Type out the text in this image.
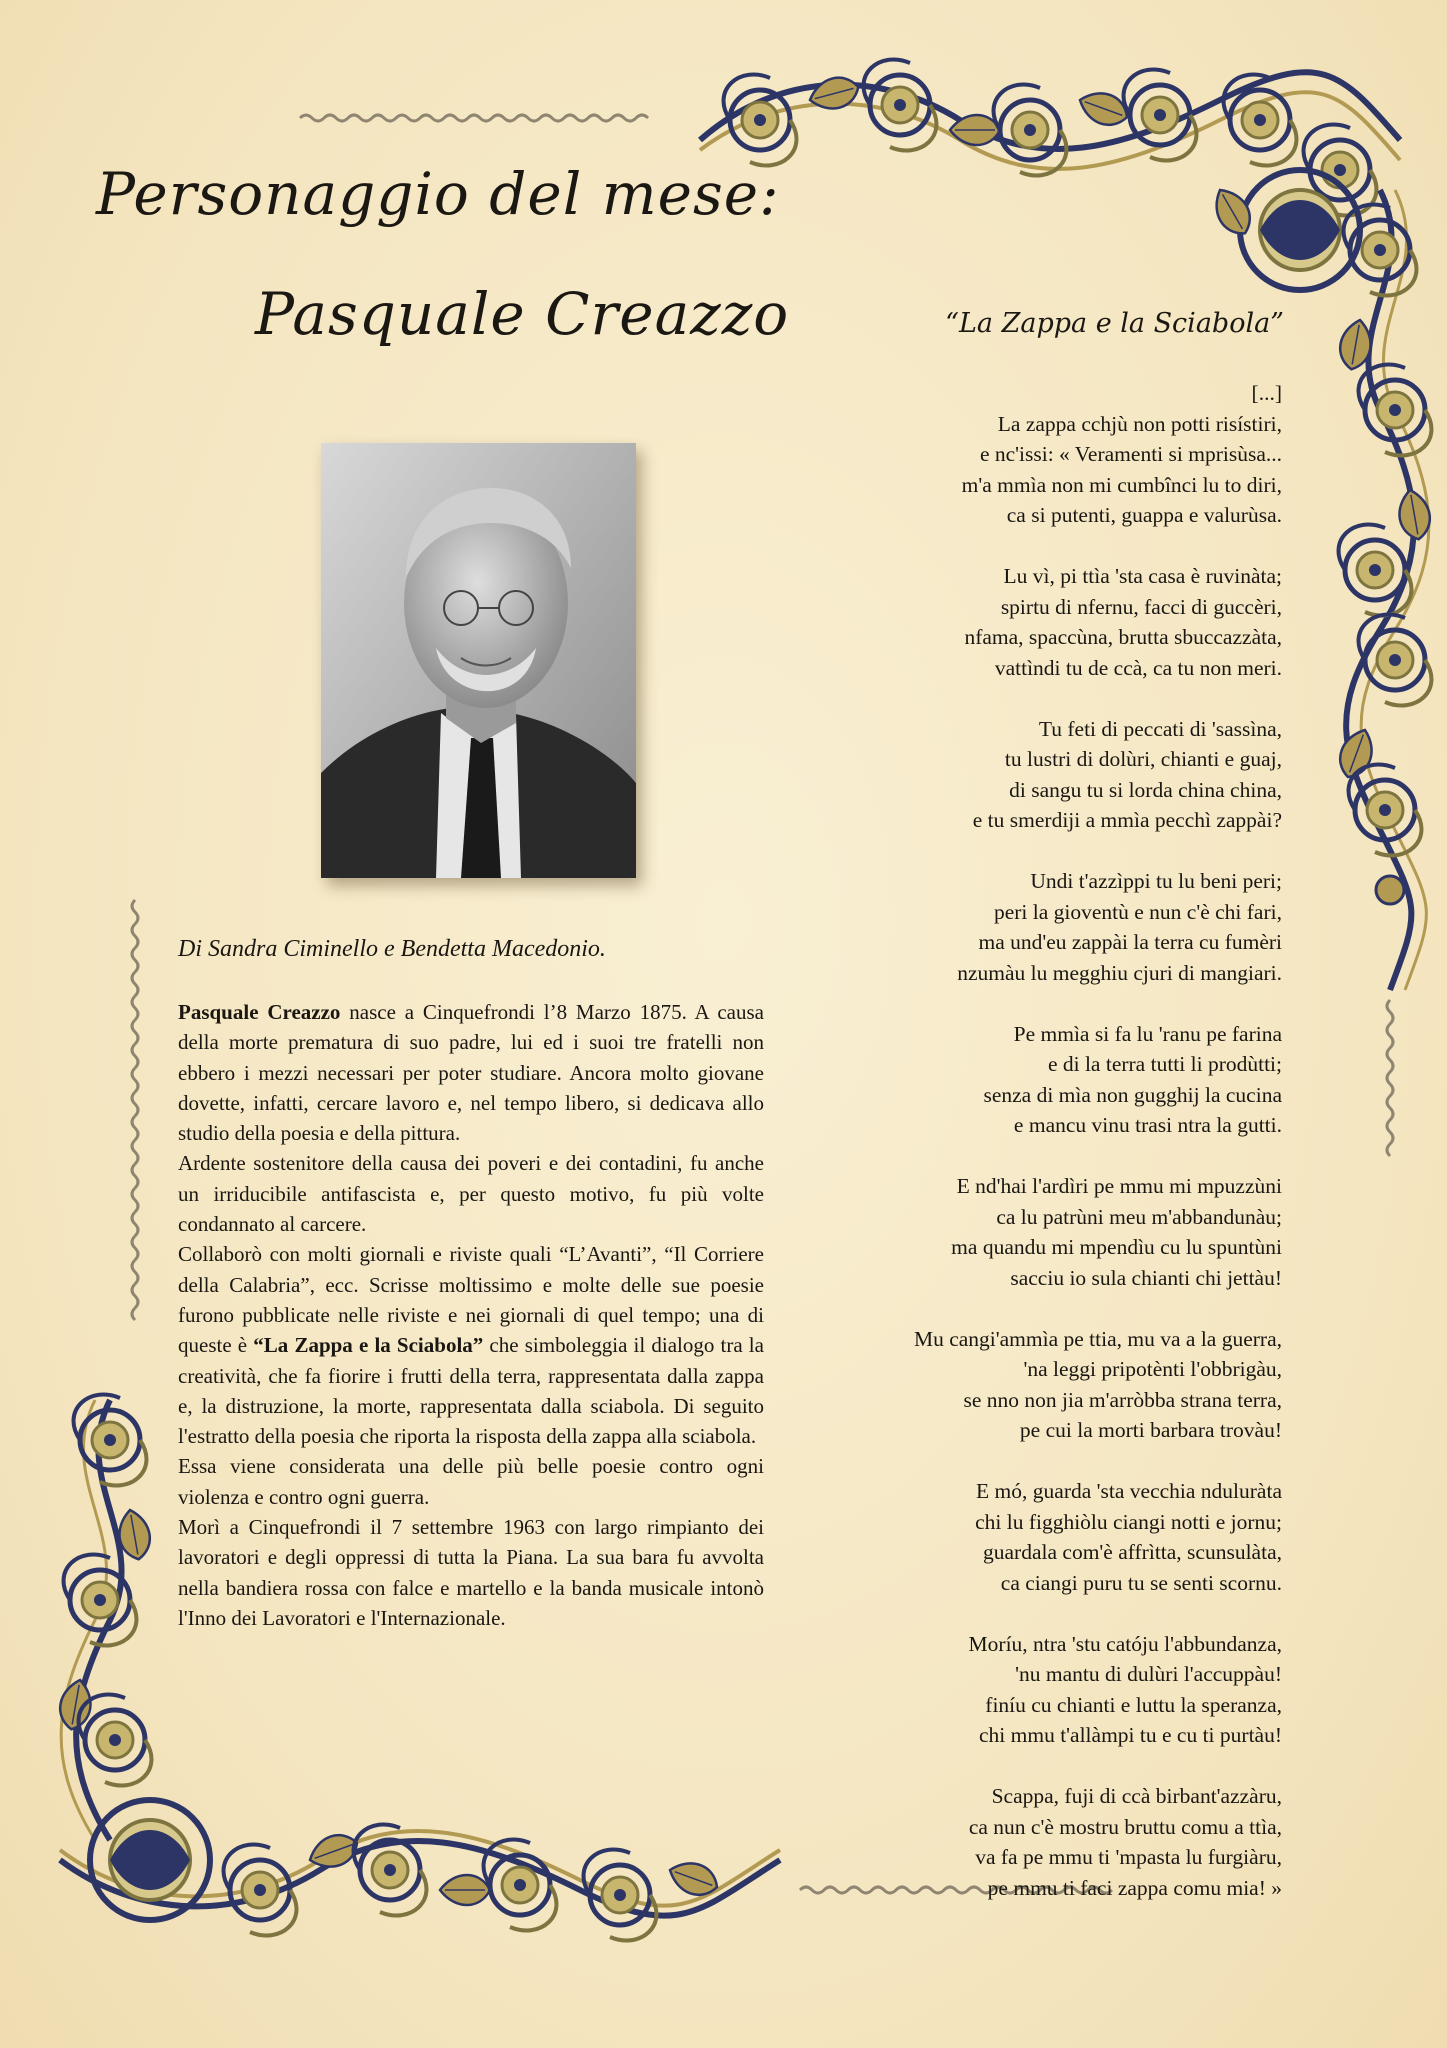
Personaggio del mese:
Pasquale Creazzo
Di Sandra Ciminello e Bendetta Macedonio.

Pasquale Creazzo nasce a Cinquefrondi l’8 Marzo 1875. A causa della morte prematura di suo padre, lui ed i suoi tre fratelli non ebbero i mezzi necessari per poter studiare. Ancora molto giovane dovette, infatti, cercare lavoro e, nel tempo libero, si dedicava allo studio della poesia e della pittura.

Ardente sostenitore della causa dei poveri e dei contadini, fu anche un irriducibile antifascista e, per questo motivo, fu più volte condannato al carcere.

Collaborò con molti giornali e riviste quali “L’Avanti”, “Il Corriere della Calabria”, ecc. Scrisse moltissimo e molte delle sue poesie furono pubblicate nelle riviste e nei giornali di quel tempo; una di queste è “La Zappa e la Sciabola” che simboleggia il dialogo tra la creatività, che fa fiorire i frutti della terra, rappresentata dalla zappa e, la distruzione, la morte, rappresentata dalla sciabola. Di seguito l'estratto della poesia che riporta la risposta della zappa alla sciabola.

Essa viene considerata una delle più belle poesie contro ogni violenza e contro ogni guerra.

Morì a Cinquefrondi il 7 settembre 1963 con largo rimpianto dei lavoratori e degli oppressi di tutta la Piana. La sua bara fu avvolta nella bandiera rossa con falce e martello e la banda musicale intonò l'Inno dei Lavoratori e l'Internazionale.

“La Zappa e la Sciabola”
[...]
La zappa cchjù non potti risístiri,
e nc'issi: « Veramenti si mprisùsa...
m'a mmìa non mi cumbînci lu to diri,
ca si putenti, guappa e valurùsa.
Lu vì, pi ttìa 'sta casa è ruvinàta;
spirtu di nfernu, facci di guccèri,
nfama, spaccùna, brutta sbuccazzàta,
vattìndi tu de ccà, ca tu non meri.
Tu feti di peccati di 'sassìna,
tu lustri di dolùri, chianti e guaj,
di sangu tu si lorda china china,
e tu smerdiji a mmìa pecchì zappài?
Undi t'azzìppi tu lu beni peri;
peri la gioventù e nun c'è chi fari,
ma und'eu zappài la terra cu fumèri
nzumàu lu megghiu cjuri di mangiari.
Pe mmìa si fa lu 'ranu pe farina
e di la terra tutti li prodùtti;
senza di mìa non gugghij la cucina
e mancu vinu trasi ntra la gutti.
E nd'hai l'ardìri pe mmu mi mpuzzùni
ca lu patrùni meu m'abbandunàu;
ma quandu mi mpendìu cu lu spuntùni
sacciu io sula chianti chi jettàu!
Mu cangi'ammìa pe ttia, mu va a la guerra,
'na leggi pripotènti l'obbrigàu,
se nno non jia m'arròbba strana terra,
pe cui la morti barbara trovàu!
E mó, guarda 'sta vecchia nduluràta
chi lu figghiòlu ciangi notti e jornu;
guardala com'è affrìtta, scunsulàta,
ca ciangi puru tu se senti scornu.
Moríu, ntra 'stu catóju l'abbundanza,
'nu mantu di dulùri l'accuppàu!
finíu cu chianti e luttu la speranza,
chi mmu t'allàmpi tu e cu ti purtàu!
Scappa, fuji di ccà birbant'azzàru,
ca nun c'è mostru bruttu comu a ttìa,
va fa pe mmu ti 'mpasta lu furgiàru,
pe mmu ti faci zappa comu mia! »
